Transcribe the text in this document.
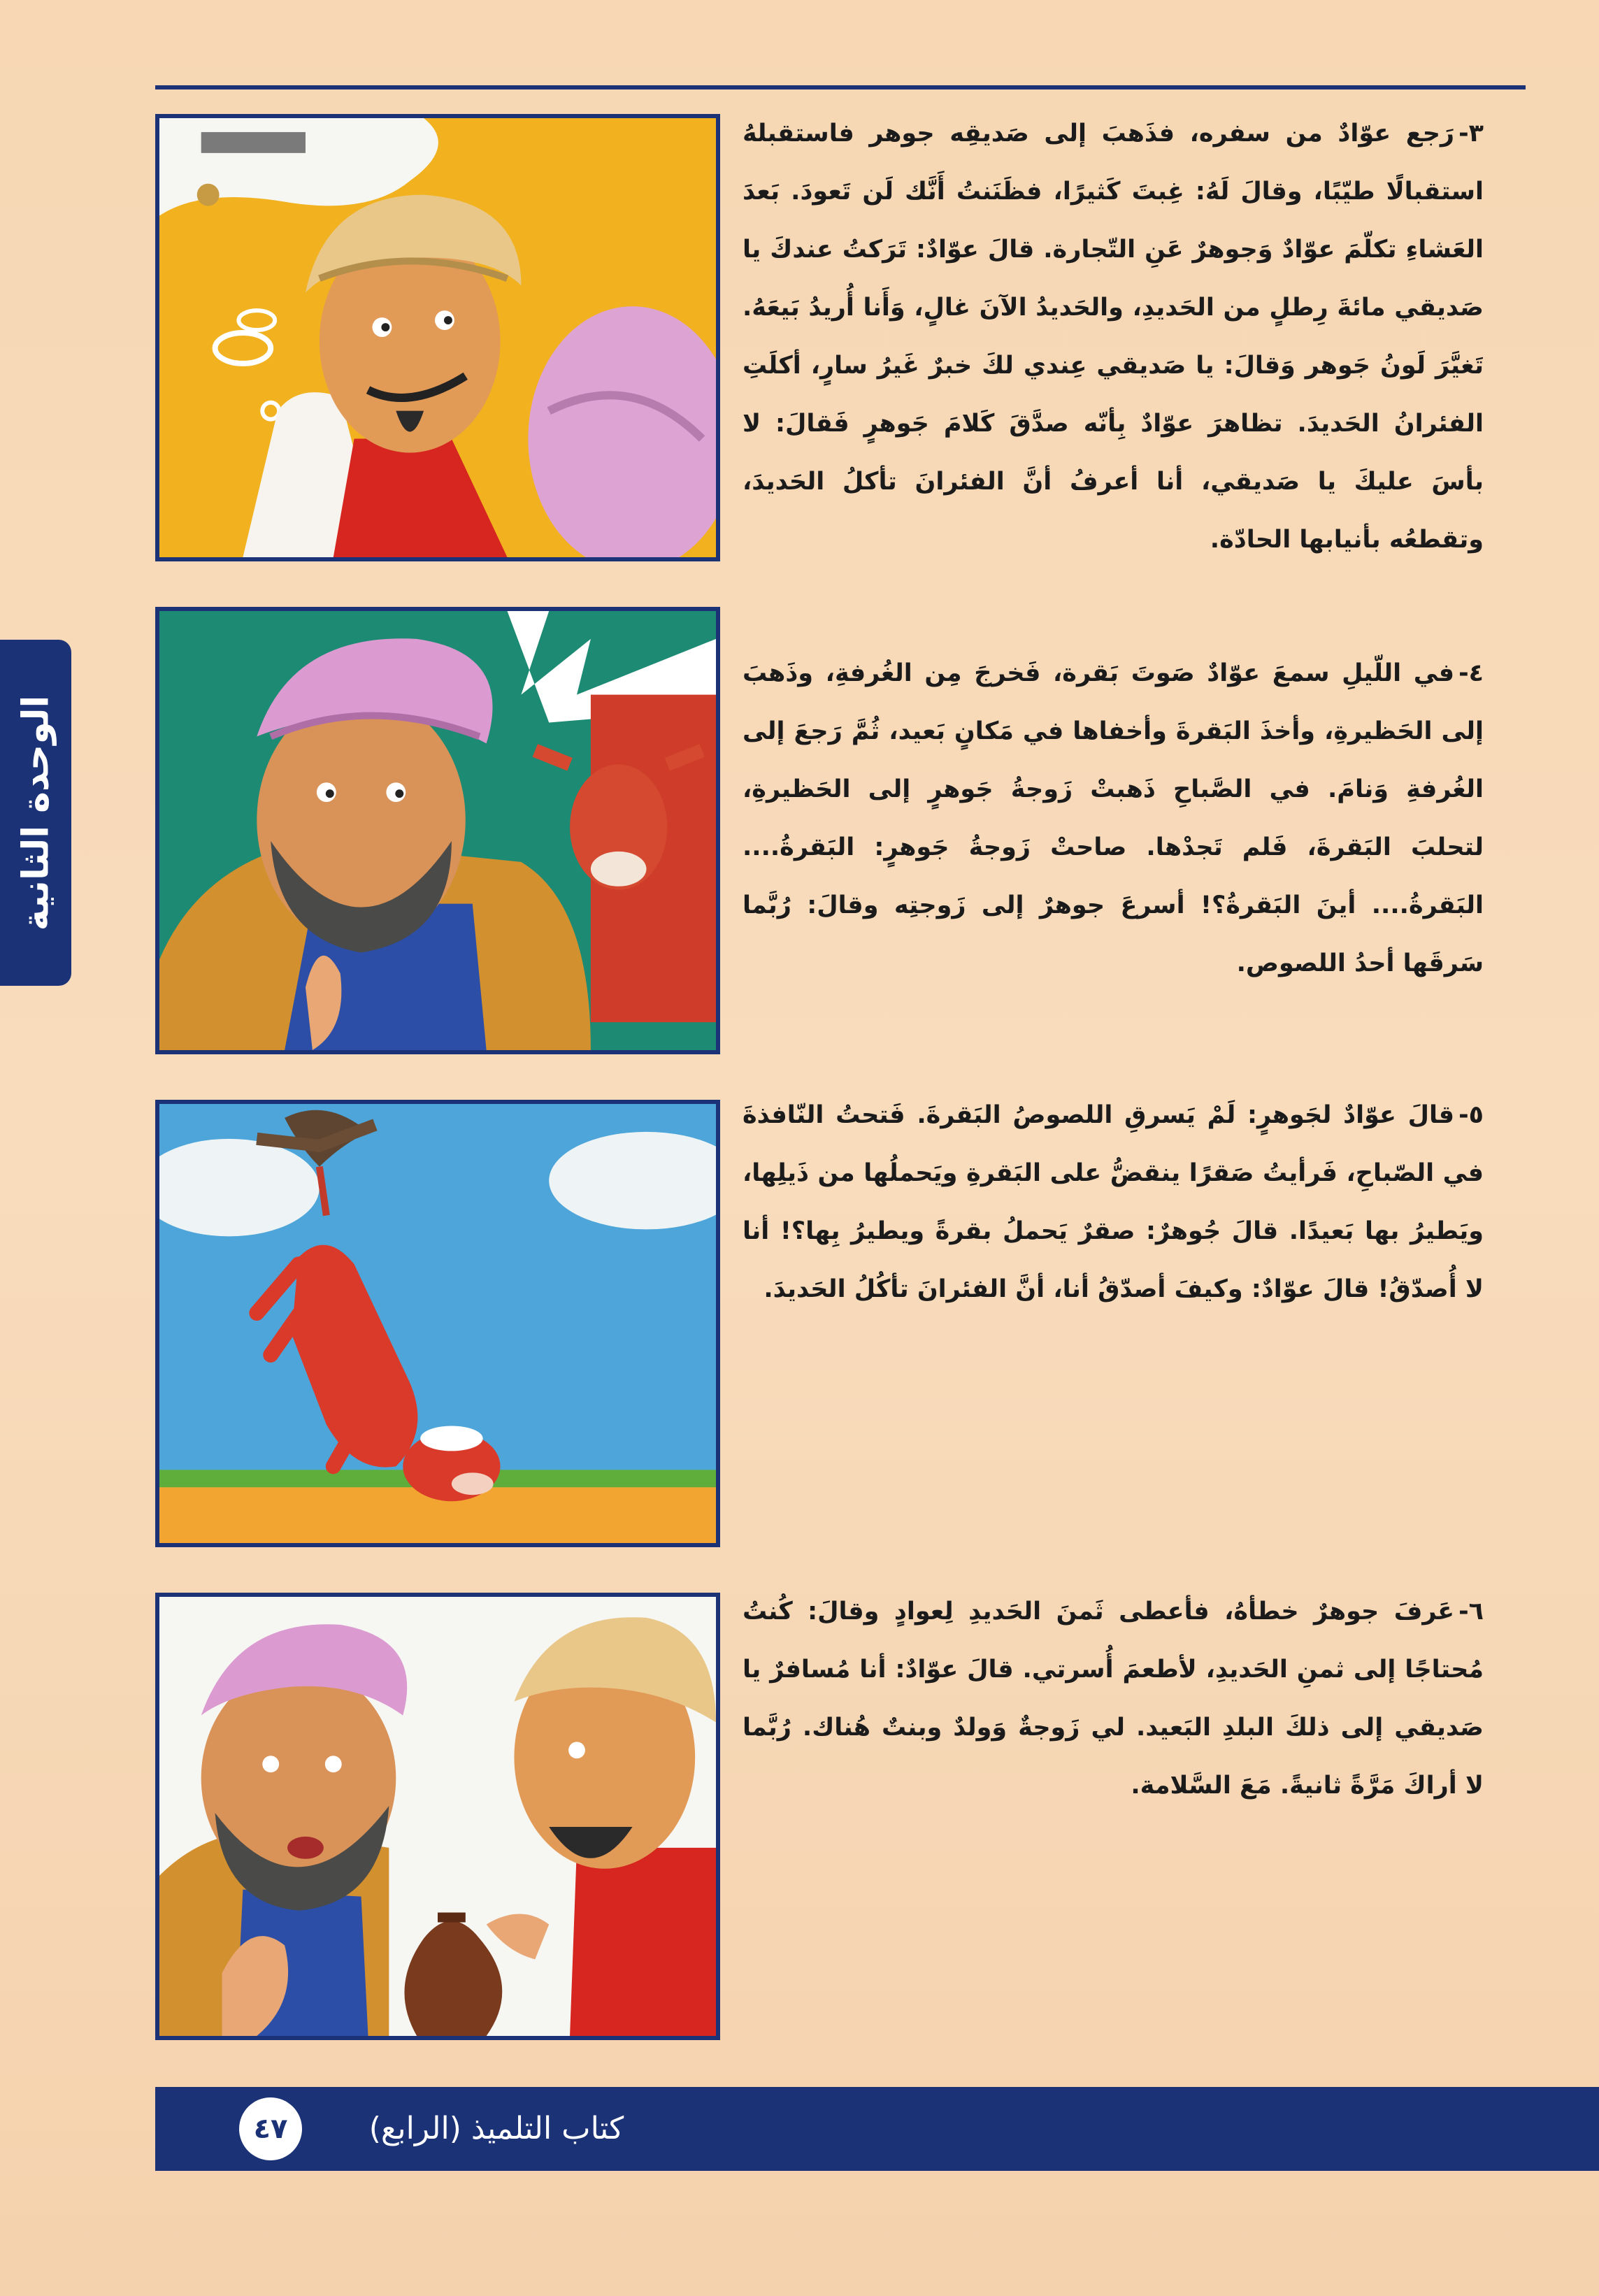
الوحدة الثانية
٣-رَجع عوّادٌ من سفره، فذَهبَ إلى صَديقِه جوهر فاستقبلهُ استقبالًا طيّبًا، وقالَ لَهُ: غِبتَ كَثيرًا، فظَنَنتُ أَنَّك لَن تَعودَ. بَعدَ العَشاءِ تكلّمَ عوّادٌ وَجوهرٌ عَنِ التّجارة. قالَ عوّادٌ: تَرَكتُ عندكَ يا صَديقي مائةَ رِطلٍ من الحَديدِ، والحَديدُ الآنَ غالٍ، وَأَنا أُريدُ بَيعَهُ. تَغيَّرَ لَونُ جَوهر وَقالَ: يا صَديقي عِندي لكَ خبرٌ غَيرُ سارٍ، أكلَتِ الفئرانُ الحَديدَ. تظاهرَ عوّادٌ بِأنّه صدَّقَ كَلامَ جَوهرٍ فَقالَ: لا بأسَ عليكَ يا صَديقي، أنا أعرفُ أنَّ الفئرانَ تأكلُ الحَديدَ، وتقطعُه بأنيابها الحادّة.
٤-في اللّيلِ سمعَ عوّادٌ صَوتَ بَقرة، فَخرجَ مِن الغُرفةِ، وذَهبَ إلى الحَظيرةِ، وأخذَ البَقرةَ وأخفاها في مَكانٍ بَعيد، ثُمَّ رَجعَ إلى الغُرفةِ وَنامَ. في الصَّباحِ ذَهبتْ زَوجةُ جَوهرٍ إلى الحَظيرةِ، لتحلبَ البَقرةَ، فَلم تَجدْها. صاحتْ زَوجةُ جَوهرٍ: البَقرةُ.... البَقرةُ.... أينَ البَقرةُ؟! أسرعَ جوهرٌ إلى زَوجتِه وقالَ: رُبَّما سَرقَها أحدُ اللصوص.
٥-قالَ عوّادٌ لجَوهرٍ: لَمْ يَسرقِ اللصوصُ البَقرةَ. فَتحتُ النّافذةَ في الصّباحِ، فَرأيتُ صَقرًا ينقضُّ على البَقرةِ ويَحملُها من ذَيلِها، ويَطيرُ بها بَعيدًا. قالَ جُوهرٌ: صقرٌ يَحملُ بقرةً ويطيرُ بِها؟! أنا لا أُصدّقُ! قالَ عوّادٌ: وكيفَ أصدّقُ أنا، أنَّ الفئرانَ تأكُلُ الحَديدَ.
٦-عَرفَ جوهرٌ خطأهُ، فأعطى ثَمنَ الحَديدِ لِعوادٍ وقالَ: كُنتُ مُحتاجًا إلى ثمنِ الحَديدِ، لأطعمَ أُسرتي. قالَ عوّادٌ: أنا مُسافرٌ يا صَديقي إلى ذلكَ البلدِ البَعيد. لي زَوجةٌ وَولدٌ وبنتٌ هُناك. رُبَّما لا أراكَ مَرَّةً ثانيةً. مَعَ السَّلامة.
كتاب التلميذ (الرابع)
٤٧
